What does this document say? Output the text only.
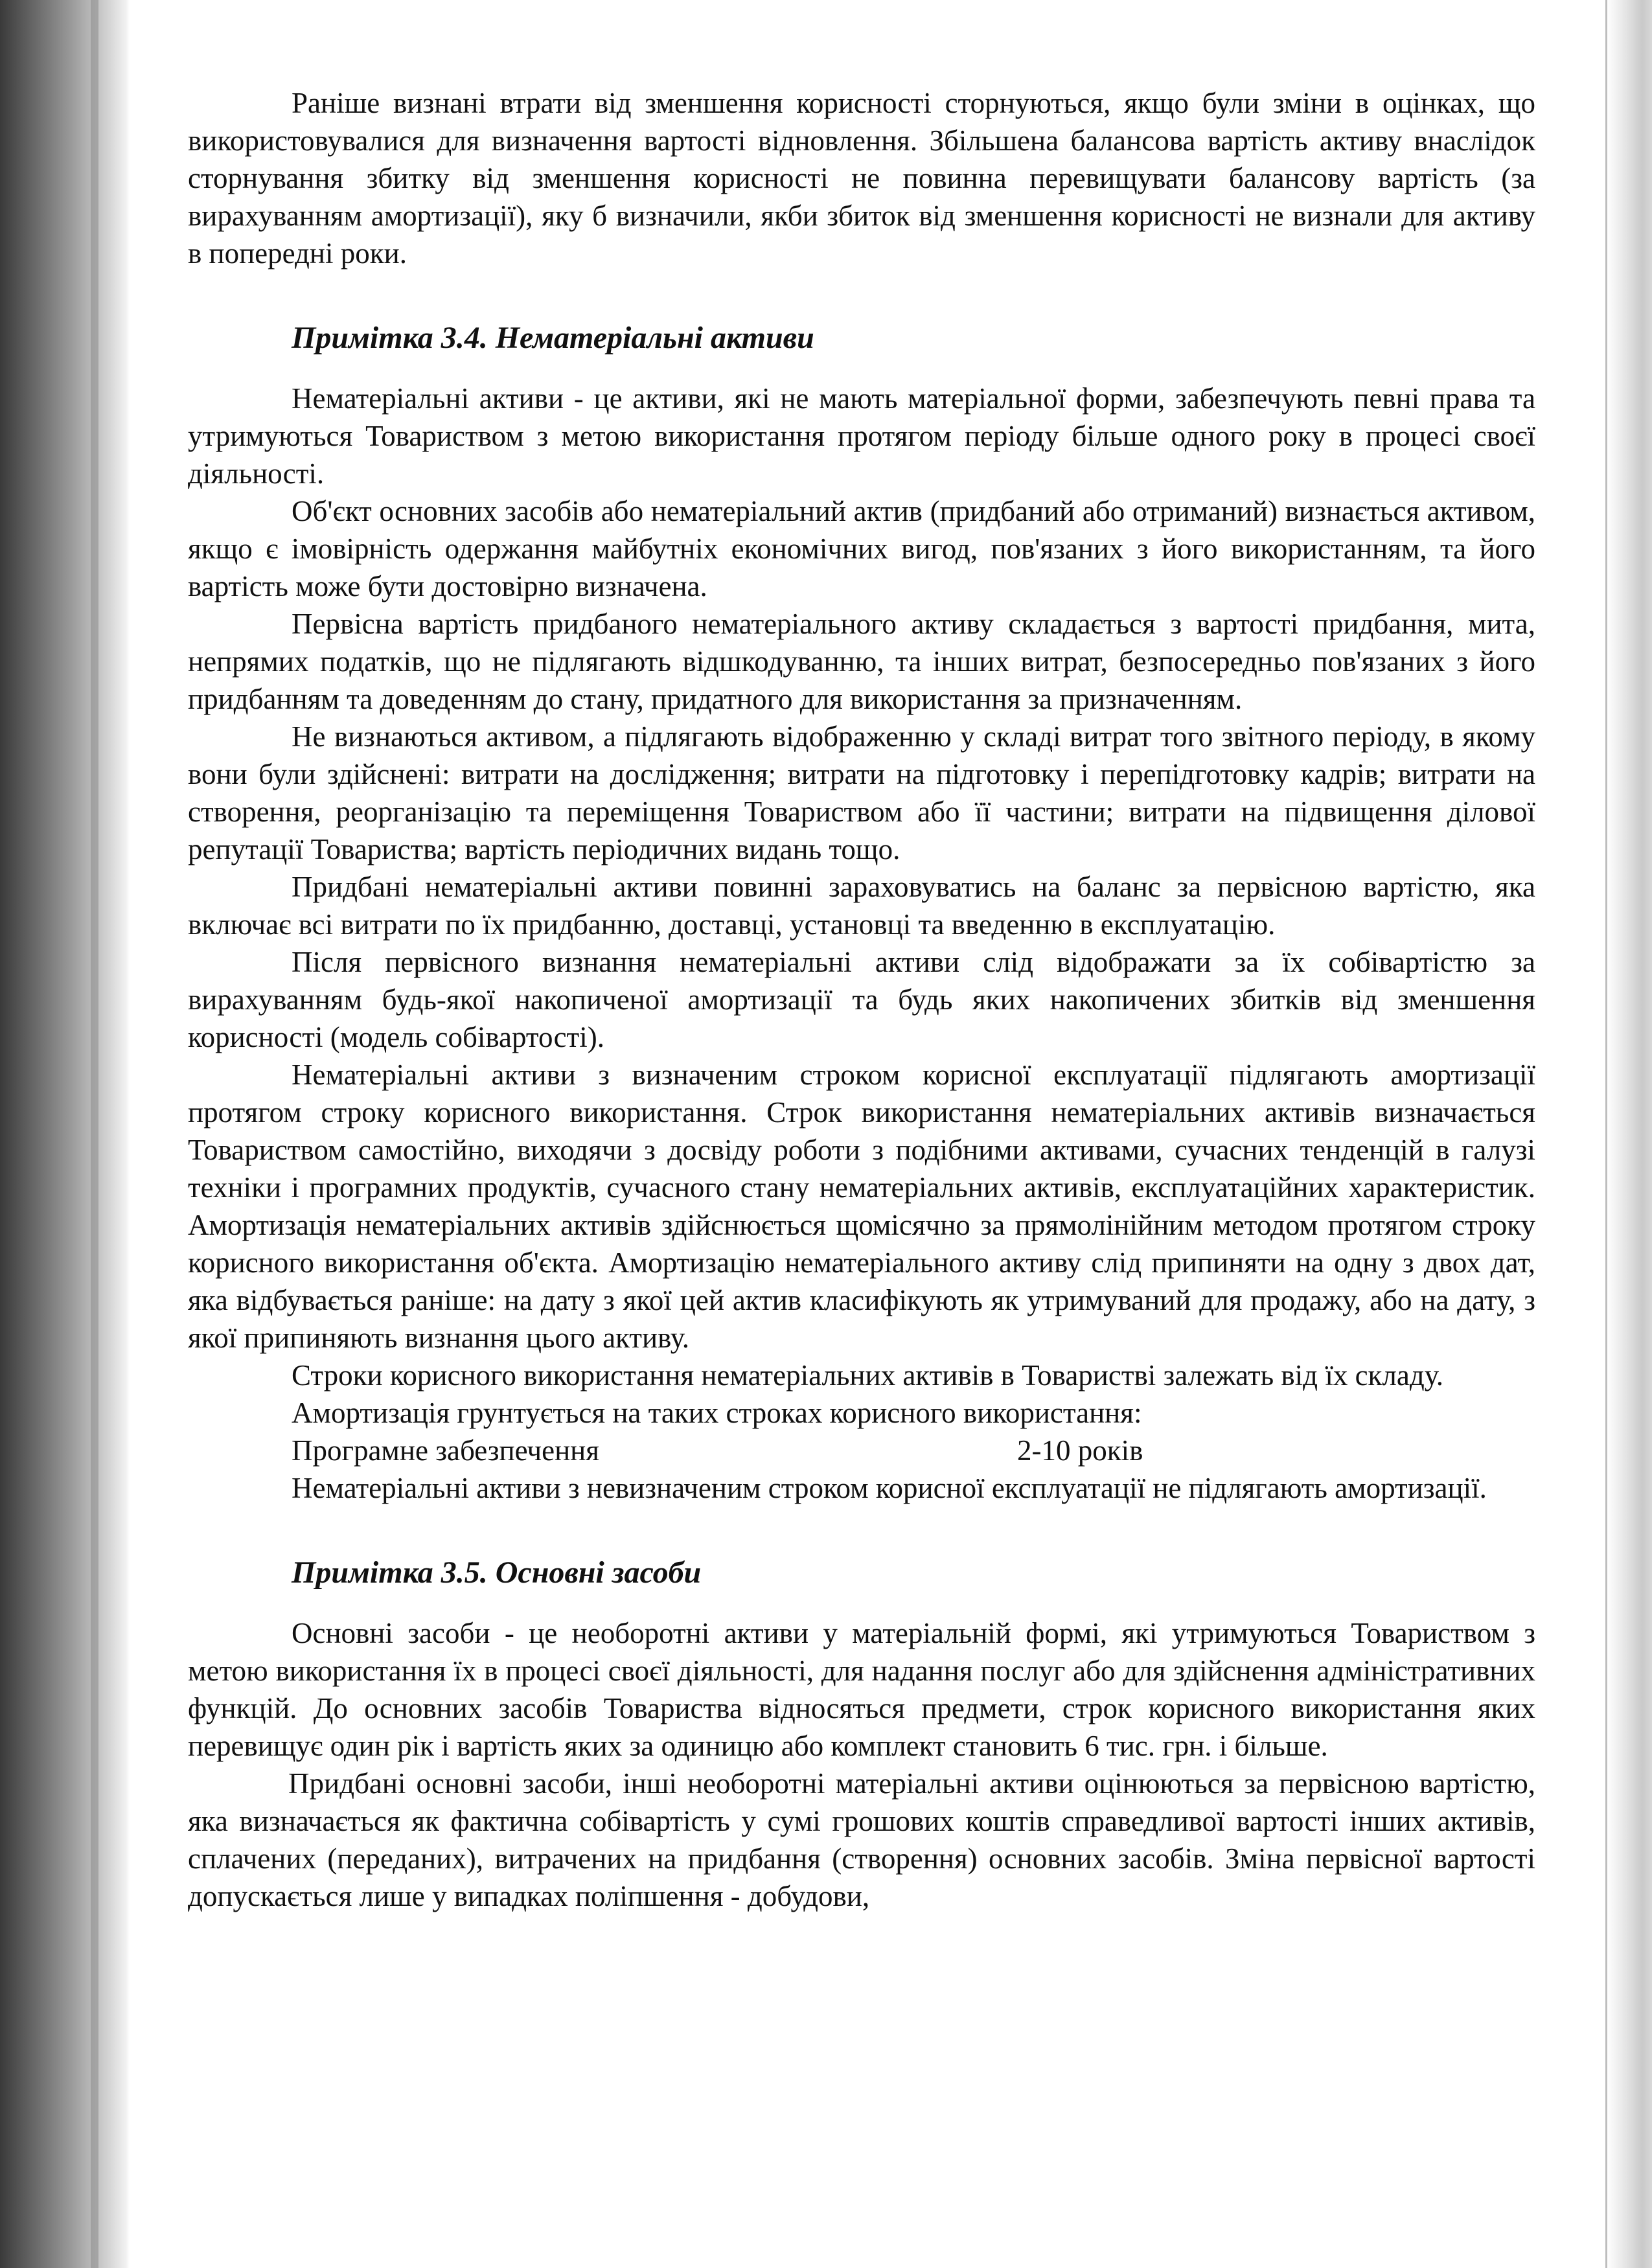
Раніше визнані втрати від зменшення корисності сторнуються, якщо були зміни в оцінках, що використовувалися для визначення вартості відновлення. Збільшена балансова вартість активу внаслідок сторнування збитку від зменшення корисності не повинна перевищувати балансову вартість (за вирахуванням амортизації), яку б визначили, якби збиток від зменшення корисності не визнали для активу в попередні роки.

Примітка 3.4. Нематеріальні активи

Нематеріальні активи - це активи, які не мають матеріальної форми, забезпечують певні права та утримуються Товариством з метою використання протягом періоду більше одного року в процесі своєї діяльності.

Об'єкт основних засобів або нематеріальний актив (придбаний або отриманий) визнається активом, якщо є імовірність одержання майбутніх економічних вигод, пов'язаних з його використанням, та його вартість може бути достовірно визначена.

Первісна вартість придбаного нематеріального активу складається з вартості придбання, мита, непрямих податків, що не підлягають відшкодуванню, та інших витрат, безпосередньо пов'язаних з його придбанням та доведенням до стану, придатного для використання за призначенням.

Не визнаються активом, а підлягають відображенню у складі витрат того звітного періоду, в якому вони були здійснені: витрати на дослідження; витрати на підготовку і перепідготовку кадрів; витрати на створення, реорганізацію та переміщення Товариством або її частини; витрати на підвищення ділової репутації Товариства; вартість періодичних видань тощо.

Придбані нематеріальні активи повинні зараховуватись на баланс за первісною вартістю, яка включає всі витрати по їх придбанню, доставці, установці та введенню в експлуатацію.

Після первісного визнання нематеріальні активи слід відображати за їх собівартістю за вирахуванням будь-якої накопиченої амортизації та будь яких накопичених збитків від зменшення корисності (модель собівартості).

Нематеріальні активи з визначеним строком корисної експлуатації підлягають амортизації протягом строку корисного використання. Строк використання нематеріальних активів визначається Товариством самостійно, виходячи з досвіду роботи з подібними активами, сучасних тенденцій в галузі техніки і програмних продуктів, сучасного стану нематеріальних активів, експлуатаційних характеристик. Амортизація нематеріальних активів здійснюється щомісячно за прямолінійним методом протягом строку корисного використання об'єкта. Амортизацію нематеріального активу слід припиняти на одну з двох дат, яка відбувається раніше: на дату з якої цей актив класифікують як утримуваний для продажу, або на дату, з якої припиняють визнання цього активу.

Строки корисного використання нематеріальних активів в Товаристві залежать від їх складу.

Амортизація грунтується на таких строках корисного використання:

Програмне забезпечення	2-10 років

Нематеріальні активи з невизначеним строком корисної експлуатації не підлягають амортизації.

Примітка 3.5. Основні засоби

Основні засоби - це необоротні активи у матеріальній формі, які утримуються Товариством з метою використання їх в процесі своєї діяльності, для надання послуг або для здійснення адміністративних функцій. До основних засобів Товариства відносяться предмети, строк корисного використання яких перевищує один рік і вартість яких за одиницю або комплект становить 6 тис. грн. і більше.

Придбані основні засоби, інші необоротні матеріальні активи оцінюються за первісною вартістю, яка визначається як фактична собівартість у сумі грошових коштів справедливої вартості інших активів, сплачених (переданих), витрачених на придбання (створення) основних засобів. Зміна первісної вартості допускається лише у випадках поліпшення - добудови,
